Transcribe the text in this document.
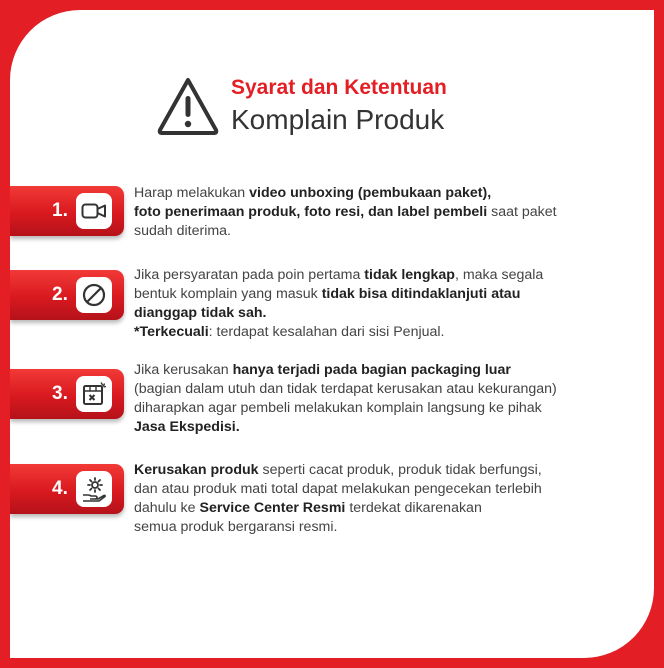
Syarat dan Ketentuan
Komplain Produk
1.

Harap melakukan video unboxing (pembukaan paket),

foto penerimaan produk, foto resi, dan label pembeli saat paket

sudah diterima.

2.

Jika persyaratan pada poin pertama tidak lengkap, maka segala

bentuk komplain yang masuk tidak bisa ditindaklanjuti atau

dianggap tidak sah.

*Terkecuali: terdapat kesalahan dari sisi Penjual.

3.

Jika kerusakan hanya terjadi pada bagian packaging luar

(bagian dalam utuh dan tidak terdapat kerusakan atau kekurangan)

diharapkan agar pembeli melakukan komplain langsung ke pihak

Jasa Ekspedisi.

4.

Kerusakan produk seperti cacat produk, produk tidak berfungsi,

dan atau produk mati total dapat melakukan pengecekan terlebih

dahulu ke Service Center Resmi terdekat dikarenakan

semua produk bergaransi resmi.
